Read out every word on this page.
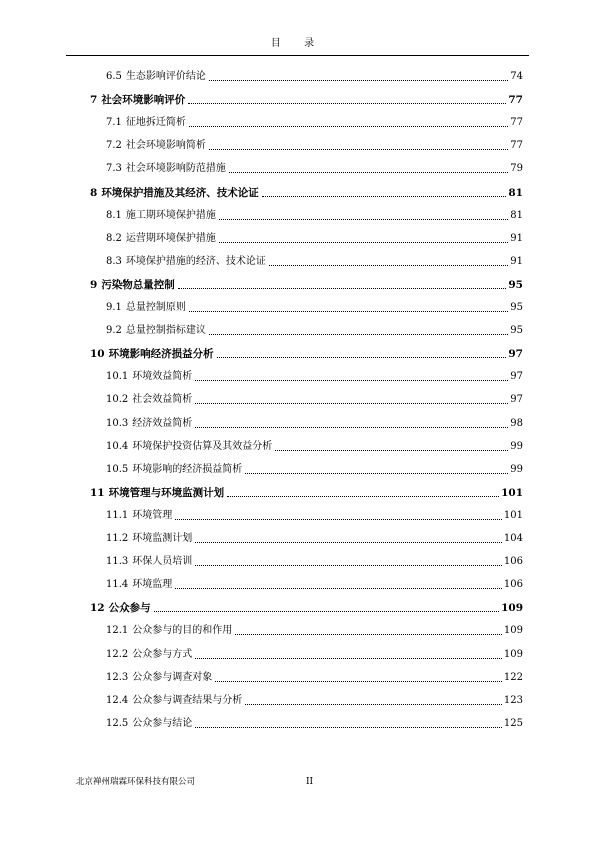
目 录
6.5 生态影响评价结论	74
7 社会环境影响评价	77
7.1 征地拆迁简析	77
7.2 社会环境影响简析	77
7.3 社会环境影响防范措施	79
8 环境保护措施及其经济、技术论证	81
8.1 施工期环境保护措施	81
8.2 运营期环境保护措施	91
8.3 环境保护措施的经济、技术论证	91
9 污染物总量控制	95
9.1 总量控制原则	95
9.2 总量控制指标建议	95
10 环境影响经济损益分析	97
10.1 环境效益简析	97
10.2 社会效益简析	97
10.3 经济效益简析	98
10.4 环境保护投资估算及其效益分析	99
10.5 环境影响的经济损益简析	99
11 环境管理与环境监测计划	101
11.1 环境管理	101
11.2 环境监测计划	104
11.3 环保人员培训	106
11.4 环境监理	106
12 公众参与	109
12.1 公众参与的目的和作用	109
12.2 公众参与方式	109
12.3 公众参与调查对象	122
12.4 公众参与调查结果与分析	123
12.5 公众参与结论	125
北京禅州瑞霖环保科技有限公司	II
